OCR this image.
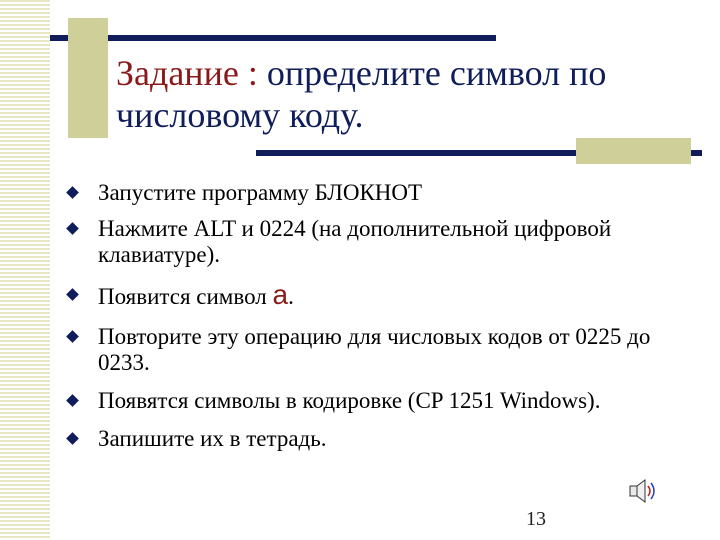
Задание : определите символ по числовому коду.
Запустите программу БЛОКНОТ
Нажмите ALT и 0224 (на дополнительной цифровой клавиатуре).
Появится символ а.
Повторите эту операцию для числовых кодов от 0225 до 0233.
Появятся символы в кодировке (CP 1251 Windows).
Запишите их в тетрадь.
13
